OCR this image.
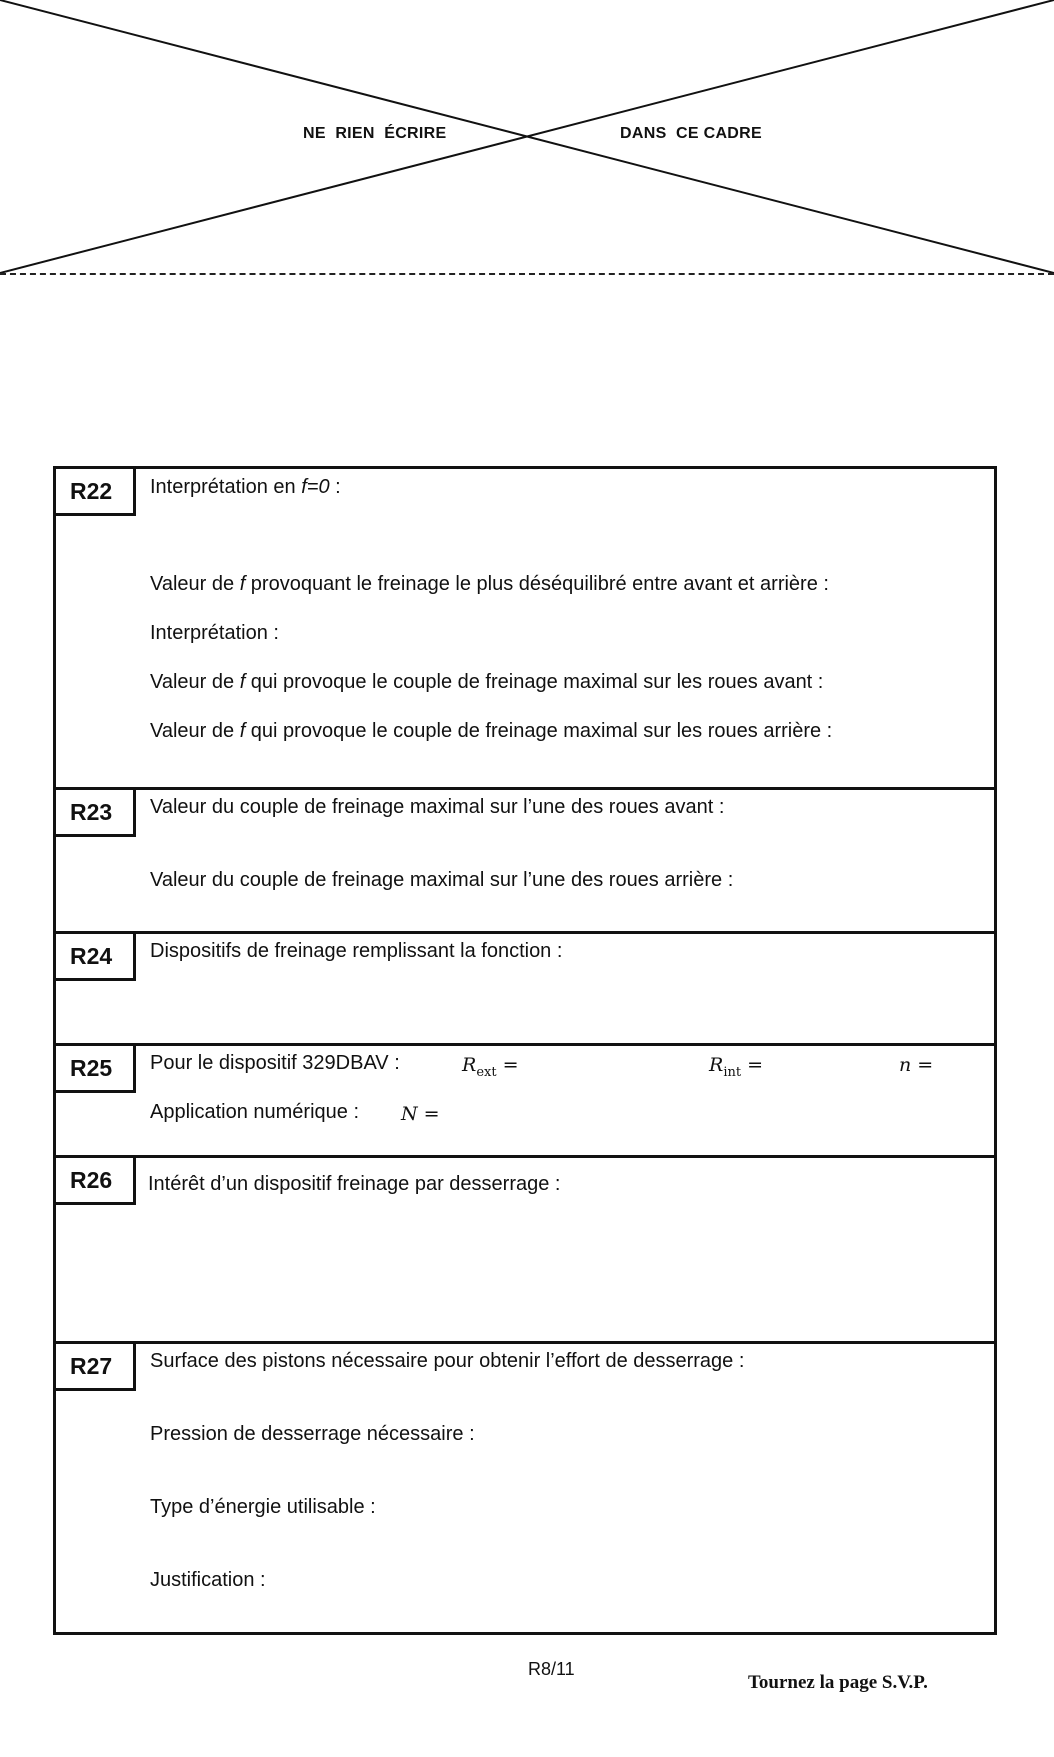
NE  RIEN  ÉCRIRE	DANS  CE CADRE
R22	Interprétation en f=0 :
Valeur de f provoquant le freinage le plus déséquilibré entre avant et arrière :
Interprétation :
Valeur de f qui provoque le couple de freinage maximal sur les roues avant :
Valeur de f qui provoque le couple de freinage maximal sur les roues arrière :
R23	Valeur du couple de freinage maximal sur l’une des roues avant :
Valeur du couple de freinage maximal sur l’une des roues arrière :
R24	Dispositifs de freinage remplissant la fonction :
R25	Pour le dispositif 329DBAV :	$R_{ext}$ =	$R_{int}$ =	n =
Application numérique : N =
R26	Intérêt d’un dispositif freinage par desserrage :
R27	Surface des pistons nécessaire pour obtenir l’effort de desserrage :
Pression de desserrage nécessaire :
Type d’énergie utilisable :
Justification :
R8/11
Tournez la page S.V.P.
